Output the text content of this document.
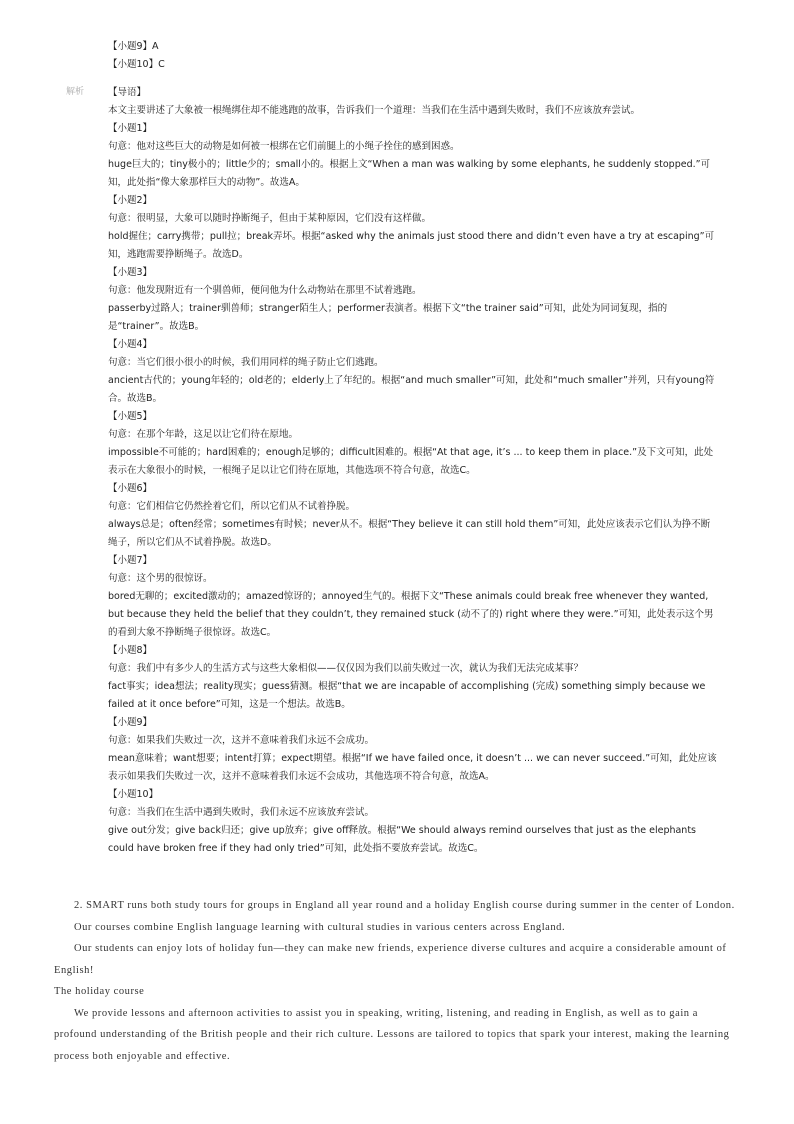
【小题9】A
【小题10】C
解析	【导语】
本文主要讲述了大象被一根绳绑住却不能逃跑的故事，告诉我们一个道理：当我们在生活中遇到失败时，我们不应该放弃尝试。
【小题1】
句意：他对这些巨大的动物是如何被一根绑在它们前腿上的小绳子拴住的感到困惑。
huge巨大的；tiny极小的；little少的；small小的。根据上文“When a man was walking by some elephants, he suddenly stopped.”可知，此处指“像大象那样巨大的动物”。故选A。
【小题2】
句意：很明显，大象可以随时挣断绳子，但由于某种原因，它们没有这样做。
hold握住；carry携带；pull拉；break弄坏。根据“asked why the animals just stood there and didn’t even have a try at escaping”可知，逃跑需要挣断绳子。故选D。
【小题3】
句意：他发现附近有一个驯兽师，便问他为什么动物站在那里不试着逃跑。
passerby过路人；trainer驯兽师；stranger陌生人；performer表演者。根据下文“the trainer said”可知，此处为同词复现，指的是“trainer”。故选B。
【小题4】
句意：当它们很小很小的时候，我们用同样的绳子防止它们逃跑。
ancient古代的；young年轻的；old老的；elderly上了年纪的。根据“and much smaller”可知，此处和“much smaller”并列，只有young符合。故选B。
【小题5】
句意：在那个年龄，这足以让它们待在原地。
impossible不可能的；hard困难的；enough足够的；difficult困难的。根据“At that age, it’s ... to keep them in place.”及下文可知，此处表示在大象很小的时候，一根绳子足以让它们待在原地，其他选项不符合句意，故选C。
【小题6】
句意：它们相信它仍然拴着它们，所以它们从不试着挣脱。
always总是；often经常；sometimes有时候；never从不。根据“They believe it can still hold them”可知，此处应该表示它们认为挣不断绳子，所以它们从不试着挣脱。故选D。
【小题7】
句意：这个男的很惊讶。
bored无聊的；excited激动的；amazed惊讶的；annoyed生气的。根据下文“These animals could break free whenever they wanted, but because they held the belief that they couldn’t, they remained stuck (动不了的) right where they were.”可知，此处表示这个男的看到大象不挣断绳子很惊讶。故选C。
【小题8】
句意：我们中有多少人的生活方式与这些大象相似——仅仅因为我们以前失败过一次，就认为我们无法完成某事？
fact事实；idea想法；reality现实；guess猜测。根据“that we are incapable of accomplishing (完成) something simply because we failed at it once before”可知，这是一个想法。故选B。
【小题9】
句意：如果我们失败过一次，这并不意味着我们永远不会成功。
mean意味着；want想要；intent打算；expect期望。根据“If we have failed once, it doesn’t ... we can never succeed.”可知，此处应该表示如果我们失败过一次，这并不意味着我们永远不会成功，其他选项不符合句意，故选A。
【小题10】
句意：当我们在生活中遇到失败时，我们永远不应该放弃尝试。
give out分发；give back归还；give up放弃；give off释放。根据“We should always remind ourselves that just as the elephants could have broken free if they had only tried”可知，此处指不要放弃尝试。故选C。

2. SMART runs both study tours for groups in England all year round and a holiday English course during summer in the center of London.

Our courses combine English language learning with cultural studies in various centers across England.

Our students can enjoy lots of holiday fun—they can make new friends, experience diverse cultures and acquire a considerable amount of English!

The holiday course

We provide lessons and afternoon activities to assist you in speaking, writing, listening, and reading in English, as well as to gain a profound understanding of the British people and their rich culture. Lessons are tailored to topics that spark your interest, making the learning process both enjoyable and effective.
